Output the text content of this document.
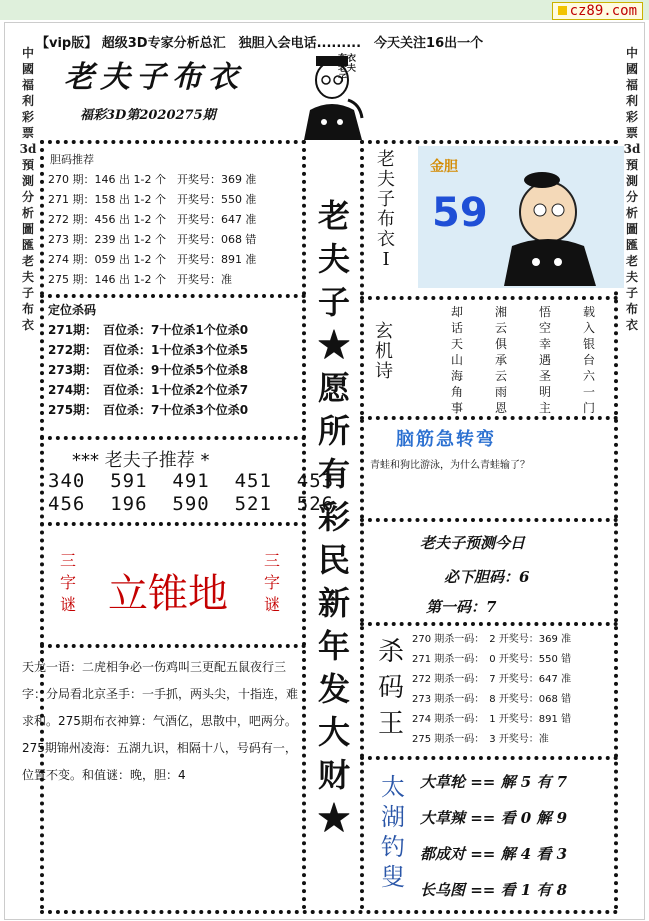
cz89.com
【vip版】 超级3D专家分析总汇　独胆入会电话.........　今天关注16出一个
老夫子布衣
福彩3D第2020275期
布衣老夫子
中國福利彩票3d預測分析圖匯老夫子布衣
中國福利彩票3d預測分析圖匯老夫子布衣
胆码推荐
270 期：146 出 1-2 个　开奖号：369 准
271 期：158 出 1-2 个　开奖号：550 准
272 期：456 出 1-2 个　开奖号：647 准
273 期：239 出 1-2 个　开奖号：068 错
274 期：059 出 1-2 个　开奖号：891 准
275 期：146 出 1-2 个　开奖号：准
定位杀码
271期：　百位杀：7十位杀1个位杀0
272期：　百位杀：1十位杀3个位杀5
273期：　百位杀：9十位杀5个位杀8
274期：　百位杀：1十位杀2个位杀7
275期：　百位杀：7十位杀3个位杀0
*** 老夫子推荐 *
340  591  491  451  453
456  196  590  521  526
三字谜 立锥地
三字谜
天龙一语：二虎相争必一伤鸡叫三更配五鼠夜行三字：分局看北京圣手：一手抓，两头尖，十指连，难求和。275期布衣神算：气酒亿，思散中，吧两分。　275期锦州凌海：五湖九识，相隔十八，号码有一，位置不变。和值谜：晚，胆：4
老夫子★愿所有彩民新年发大财★
老夫子布衣Ⅰ
金胆
59
玄机诗
却话天山海角事
湘云俱承云雨恩
悟空幸遇圣明主
载入银台六一门
脑筋急转弯
青蛙和狗比游泳，为什么青蛙输了？
老夫子预测今日
必下胆码：6
第一码：7
杀码王
270 期杀一码：　2 开奖号：369 准
271 期杀一码：　0 开奖号：550 错
272 期杀一码：　7 开奖号：647 准
273 期杀一码：　8 开奖号：068 错
274 期杀一码：　1 开奖号：891 错
275 期杀一码：　3 开奖号：准
太湖钓叟
大草轮 == 解 5 有 7
大草辣 == 看 0 解 9
都成对 == 解 4 看 3
长乌图 == 看 1 有 8
